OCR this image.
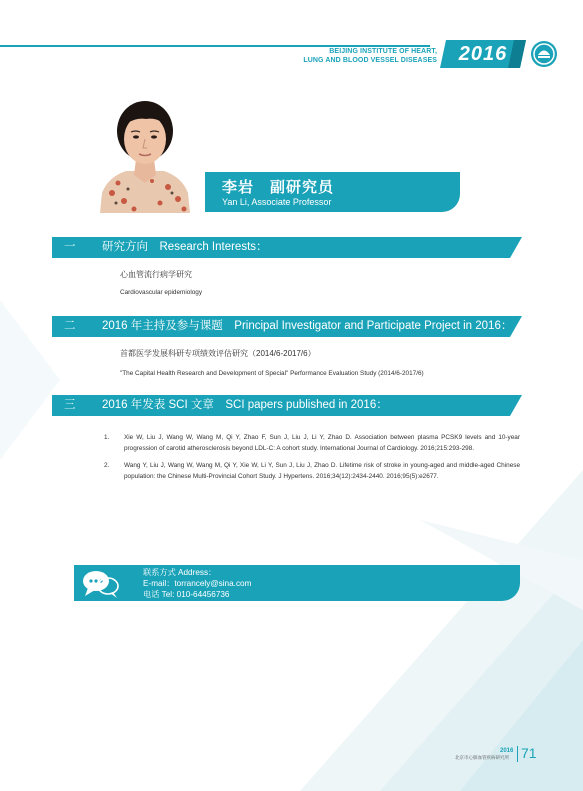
BEIJING INSTITUTE OF HEART,
LUNG AND BLOOD VESSEL DISEASES	2016
李岩　副研究员
Yan Li, Associate Professor
一 研究方向　Research Interests：
心血管流行病学研究
Cardiovascular epidemiology
二 2016 年主持及参与课题　Principal Investigator and Participate Project in 2016：
首都医学发展科研专项绩效评估研究（2014/6-2017/6）
"The Capital Health Research and Development of Special" Performance Evaluation Study (2014/6-2017/6)
三 2016 年发表 SCI 文章　SCI papers published in 2016：
1. Xie W, Liu J, Wang W, Wang M, Qi Y, Zhao F, Sun J, Liu J, Li Y, Zhao D. Association between plasma PCSK9 levels and 10-year progression of carotid atherosclerosis beyond LDL-C: A cohort study. International Journal of Cardiology. 2016;215:293-298.
2. Wang Y, Liu J, Wang W, Wang M, Qi Y, Xie W, Li Y, Sun J, Liu J, Zhao D. Lifetime risk of stroke in young-aged and middle-aged Chinese population: the Chinese Multi-Provincial Cohort Study. J Hypertens. 2016;34(12):2434-2440. 2016;95(5):e2677.
联系方式 Address：
E-mail：torrancely@sina.com
电话 Tel: 010-64456736
2016
北京市心肺血管疾病研究所 71
